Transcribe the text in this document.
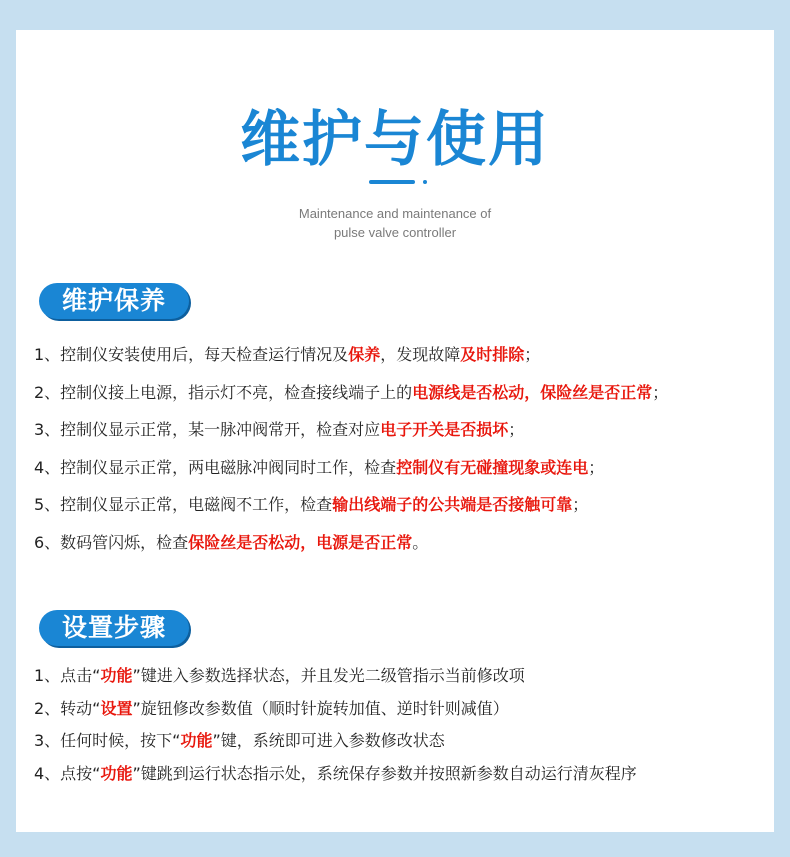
维护与使用
Maintenance and maintenance of
pulse valve controller
维护保养
1、控制仪安装使用后，每天检查运行情况及保养，发现故障及时排除；
2、控制仪接上电源，指示灯不亮，检查接线端子上的电源线是否松动，保险丝是否正常；
3、控制仪显示正常，某一脉冲阀常开，检查对应电子开关是否损坏；
4、控制仪显示正常，两电磁脉冲阀同时工作，检查控制仪有无碰撞现象或连电；
5、控制仪显示正常，电磁阀不工作，检查输出线端子的公共端是否接触可靠；
6、数码管闪烁，检查保险丝是否松动，电源是否正常。
设置步骤
1、点击“功能”键进入参数选择状态，并且发光二级管指示当前修改项
2、转动“设置”旋钮修改参数值（顺时针旋转加值、逆时针则减值）
3、任何时候，按下“功能”键，系统即可进入参数修改状态
4、点按“功能”键跳到运行状态指示处，系统保存参数并按照新参数自动运行清灰程序
